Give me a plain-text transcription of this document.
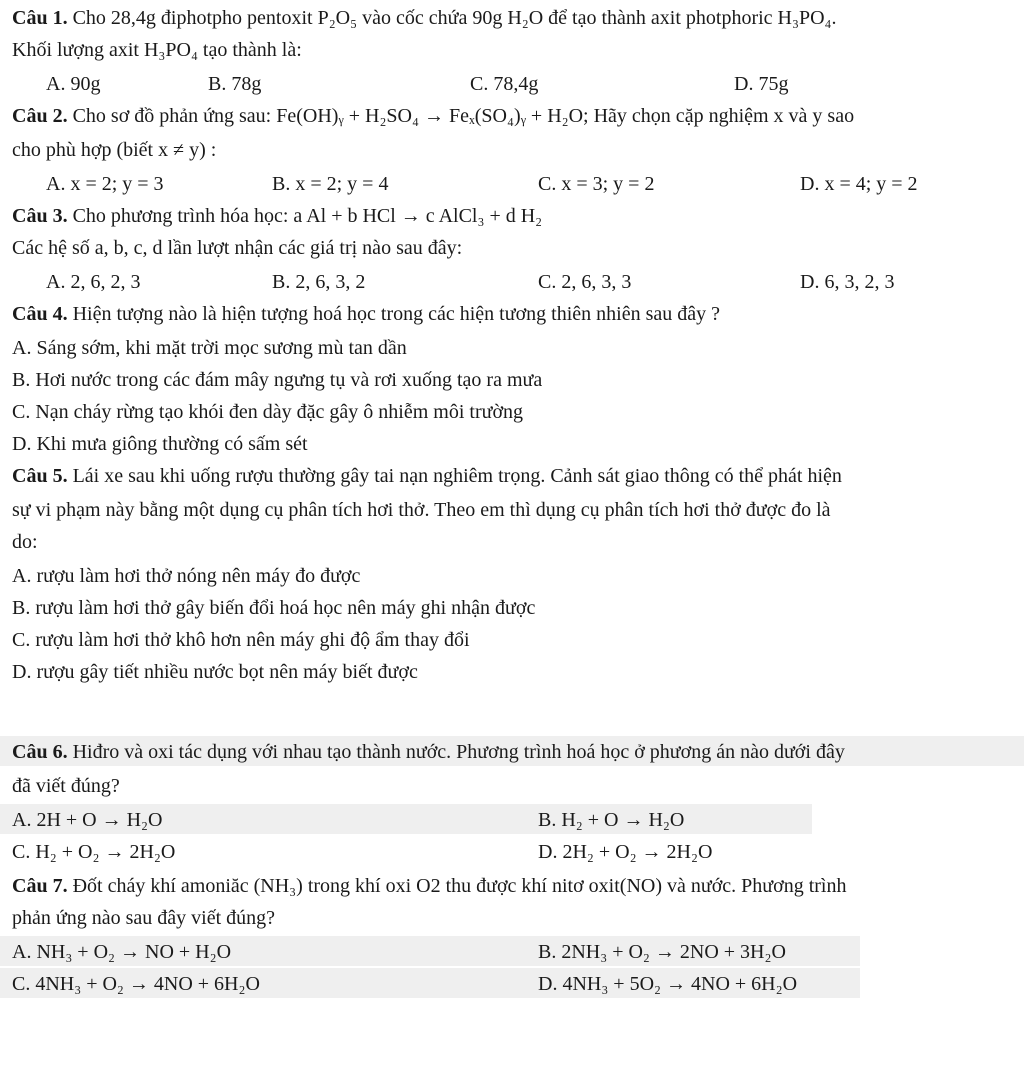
Câu 1. Cho 28,4g điphotpho pentoxit P₂O₅ vào cốc chứa 90g H₂O để tạo thành axit photphoric H₃PO₄.
Khối lượng axit H₃PO₄ tạo thành là:
A. 90g	B. 78g	C. 78,4g	D. 75g
Câu 2. Cho sơ đồ phản ứng sau: Fe(OH)ᵧ + H₂SO₄ → Feₓ(SO₄)ᵧ + H₂O; Hãy chọn cặp nghiệm x và y sao
cho phù hợp (biết x ≠ y) :
A. x = 2; y = 3	B. x = 2; y = 4	C. x = 3; y = 2	D. x = 4; y = 2
Câu 3. Cho phương trình hóa học: a Al + b HCl → c AlCl₃ + d H₂
Các hệ số a, b, c, d lần lượt nhận các giá trị nào sau đây:
A. 2, 6, 2, 3	B. 2, 6, 3, 2	C. 2, 6, 3, 3	D. 6, 3, 2, 3
Câu 4. Hiện tượng nào là hiện tượng hoá học trong các hiện tương thiên nhiên sau đây ?
A. Sáng sớm, khi mặt trời mọc sương mù tan dần
B. Hơi nước trong các đám mây ngưng tụ và rơi xuống tạo ra mưa
C. Nạn cháy rừng tạo khói đen dày đặc gây ô nhiễm môi trường
D. Khi mưa giông thường có sấm sét
Câu 5. Lái xe sau khi uống rượu thường gây tai nạn nghiêm trọng. Cảnh sát giao thông có thể phát hiện
sự vi phạm này bằng một dụng cụ phân tích hơi thở. Theo em thì dụng cụ phân tích hơi thở được đo là
do:
A. rượu làm hơi thở nóng nên máy đo được
B. rượu làm hơi thở gây biến đổi hoá học nên máy ghi nhận được
C. rượu làm hơi thở khô hơn nên máy ghi độ ẩm thay đổi
D. rượu gây tiết nhiều nước bọt nên máy biết được
Câu 6. Hiđro và oxi tác dụng với nhau tạo thành nước. Phương trình hoá học ở phương án nào dưới đây
đã viết đúng?
A. 2H + O → H₂O	B. H₂ + O → H₂O
C. H₂ + O₂ → 2H₂O	D. 2H₂ + O₂ → 2H₂O
Câu 7. Đốt cháy khí amoniăc (NH₃) trong khí oxi O2 thu được khí nitơ oxit(NO) và nước. Phương trình
phản ứng nào sau đây viết đúng?
A. NH₃ + O₂ → NO + H₂O	B. 2NH₃ + O₂ → 2NO + 3H₂O
C. 4NH₃ + O₂ → 4NO + 6H₂O	D. 4NH₃ + 5O₂ → 4NO + 6H₂O
